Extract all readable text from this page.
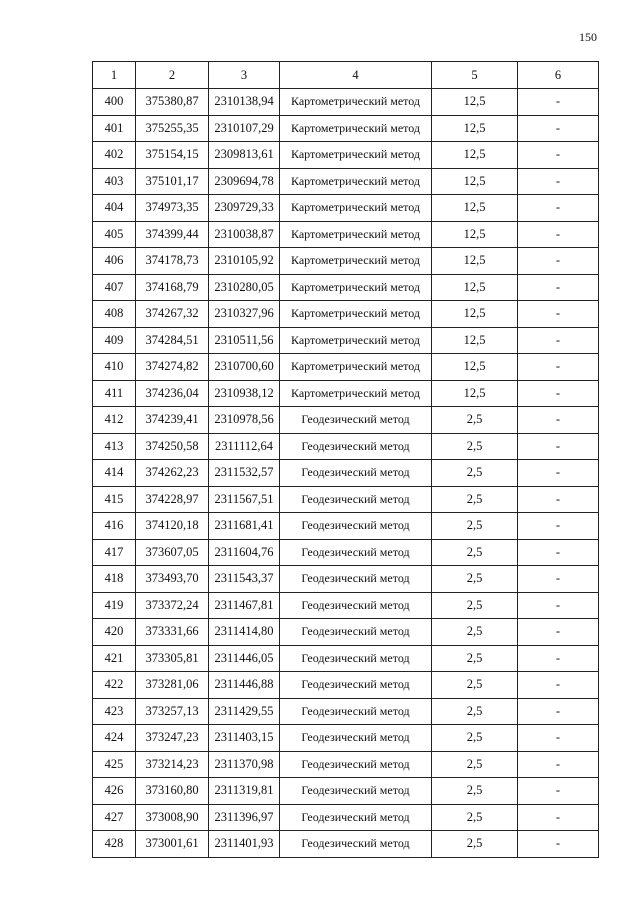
150
1	2	3	4	5	6
400	375380,87	2310138,94	Картометрический метод	12,5	-
401	375255,35	2310107,29	Картометрический метод	12,5	-
402	375154,15	2309813,61	Картометрический метод	12,5	-
403	375101,17	2309694,78	Картометрический метод	12,5	-
404	374973,35	2309729,33	Картометрический метод	12,5	-
405	374399,44	2310038,87	Картометрический метод	12,5	-
406	374178,73	2310105,92	Картометрический метод	12,5	-
407	374168,79	2310280,05	Картометрический метод	12,5	-
408	374267,32	2310327,96	Картометрический метод	12,5	-
409	374284,51	2310511,56	Картометрический метод	12,5	-
410	374274,82	2310700,60	Картометрический метод	12,5	-
411	374236,04	2310938,12	Картометрический метод	12,5	-
412	374239,41	2310978,56	Геодезический метод	2,5	-
413	374250,58	2311112,64	Геодезический метод	2,5	-
414	374262,23	2311532,57	Геодезический метод	2,5	-
415	374228,97	2311567,51	Геодезический метод	2,5	-
416	374120,18	2311681,41	Геодезический метод	2,5	-
417	373607,05	2311604,76	Геодезический метод	2,5	-
418	373493,70	2311543,37	Геодезический метод	2,5	-
419	373372,24	2311467,81	Геодезический метод	2,5	-
420	373331,66	2311414,80	Геодезический метод	2,5	-
421	373305,81	2311446,05	Геодезический метод	2,5	-
422	373281,06	2311446,88	Геодезический метод	2,5	-
423	373257,13	2311429,55	Геодезический метод	2,5	-
424	373247,23	2311403,15	Геодезический метод	2,5	-
425	373214,23	2311370,98	Геодезический метод	2,5	-
426	373160,80	2311319,81	Геодезический метод	2,5	-
427	373008,90	2311396,97	Геодезический метод	2,5	-
428	373001,61	2311401,93	Геодезический метод	2,5	-
